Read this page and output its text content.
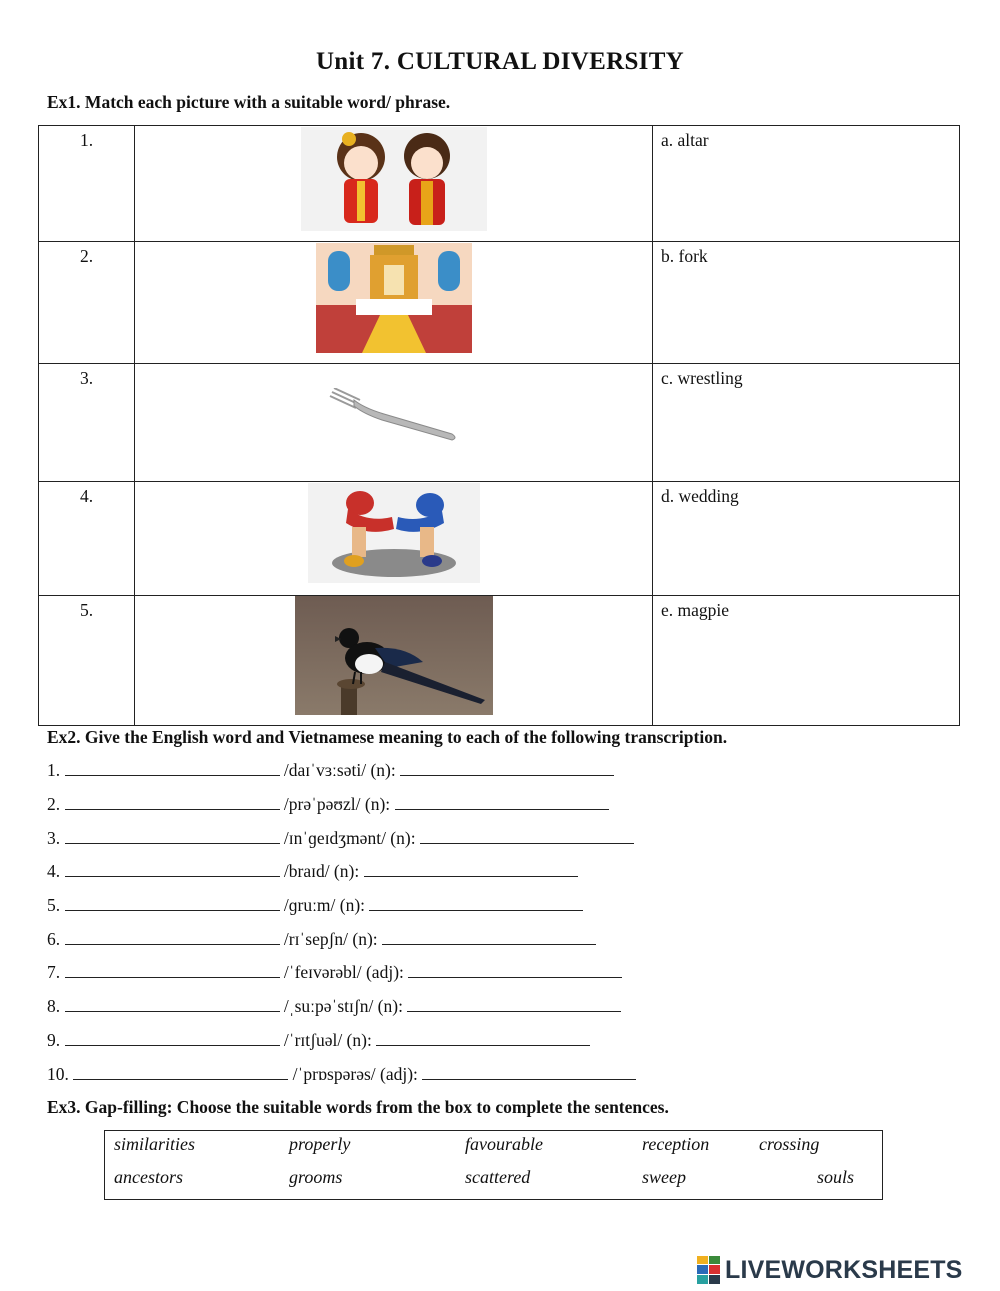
Unit 7. CULTURAL DIVERSITY
Ex1. Match each picture with a suitable word/ phrase.
1.		a. altar
2.		b. fork
3.		c. wrestling
4.		d. wedding
5.		e. magpie
Ex2. Give the English word and Vietnamese meaning to each of the following transcription.
1.	/daɪˈvɜːsəti/ (n):
2.	/prəˈpəʊzl/ (n):
3.	/ɪnˈɡeɪdʒmənt/ (n):
4.	/braɪd/ (n):
5.	/ɡruːm/ (n):
6.	/rɪˈsepʃn/ (n):
7.	/ˈfeɪvərəbl/ (adj):
8.	/ˌsuːpəˈstɪʃn/ (n):
9.	/ˈrɪtʃuəl/ (n):
10.	/ˈprɒspərəs/ (adj):
Ex3. Gap-filling: Choose the suitable words from the box to complete the sentences.
similarities	properly	favourable	reception	crossing
ancestors	grooms	scattered	sweep	souls
LIVEWORKSHEETS
